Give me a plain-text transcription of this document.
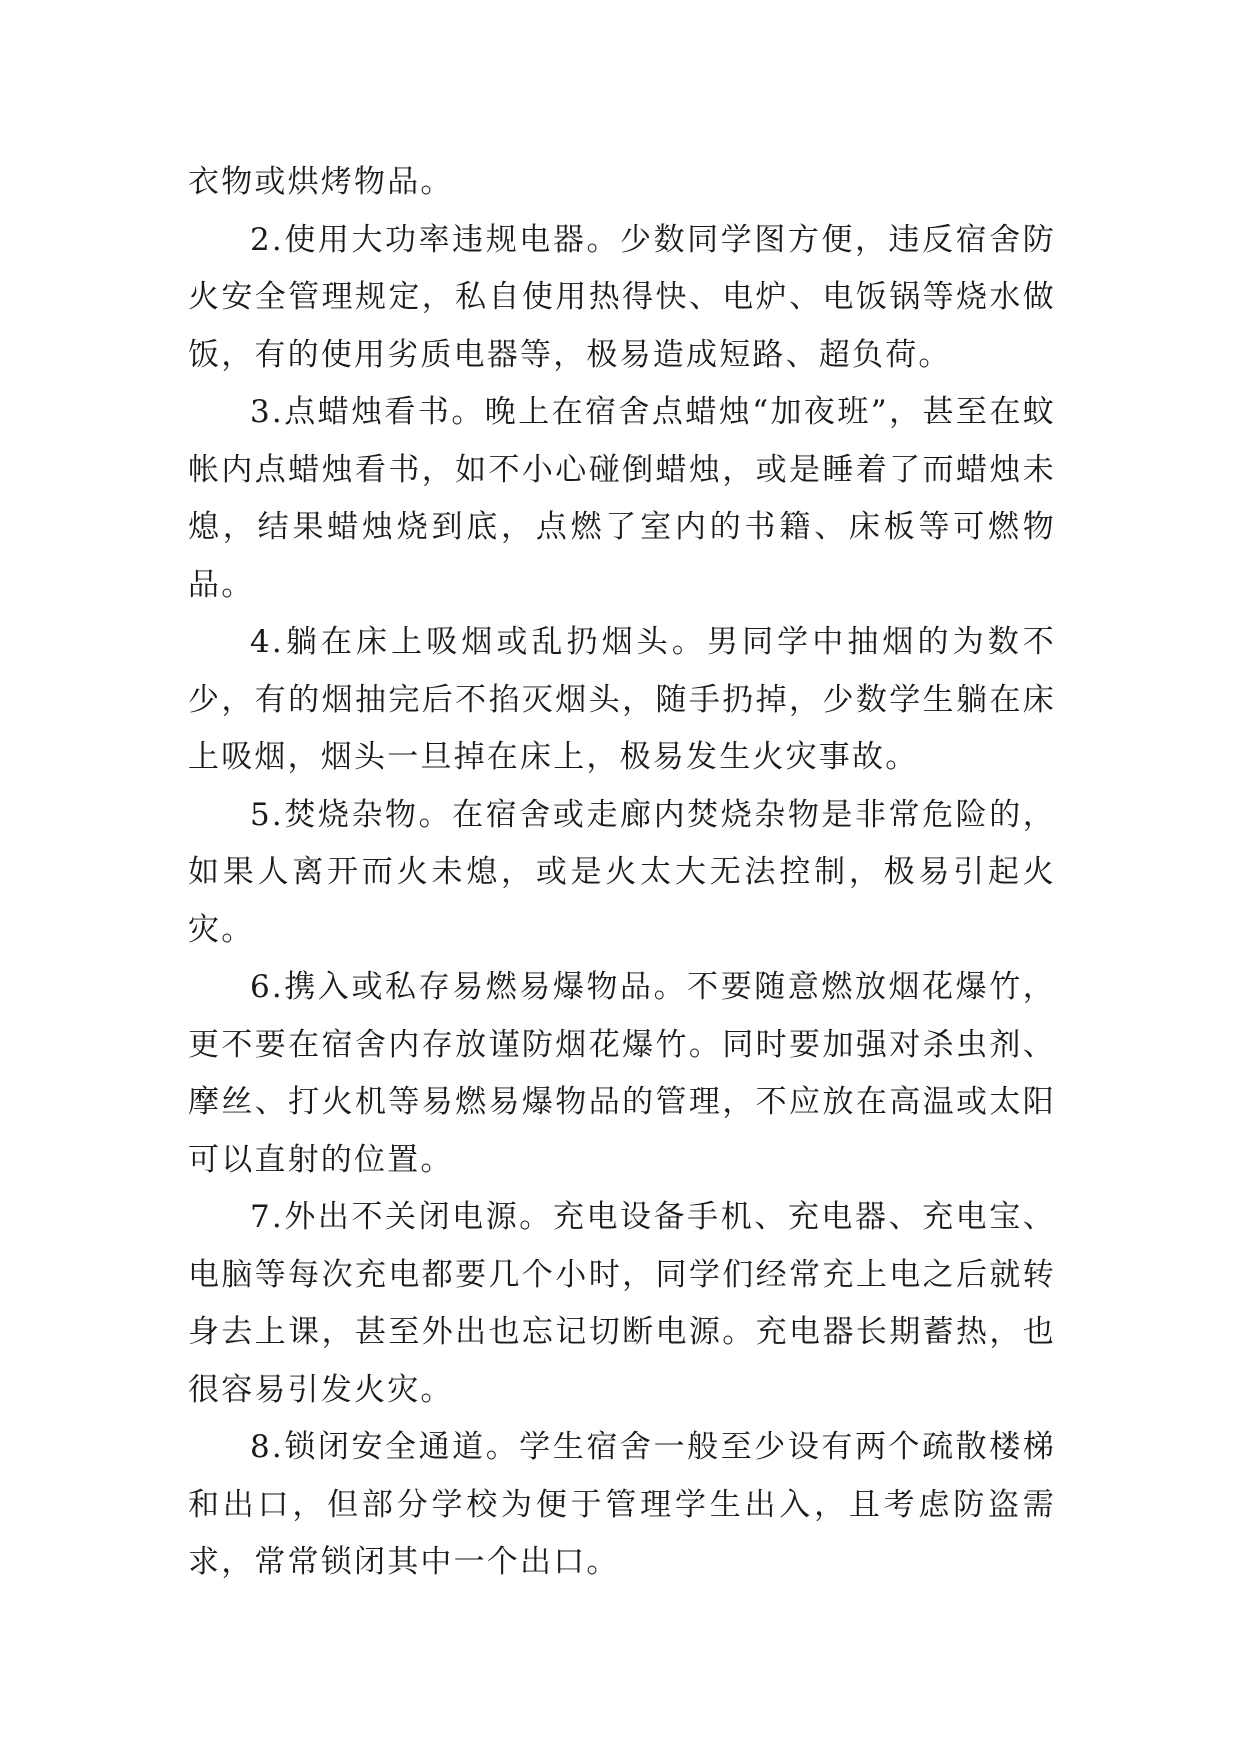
衣物或烘烤物品。

2.使用大功率违规电器。少数同学图方便，违反宿舍防火安全管理规定，私自使用热得快、电炉、电饭锅等烧水做饭，有的使用劣质电器等，极易造成短路、超负荷。

3.点蜡烛看书。晚上在宿舍点蜡烛“加夜班”，甚至在蚊帐内点蜡烛看书，如不小心碰倒蜡烛，或是睡着了而蜡烛未熄，结果蜡烛烧到底，点燃了室内的书籍、床板等可燃物品。

4.躺在床上吸烟或乱扔烟头。男同学中抽烟的为数不少，有的烟抽完后不掐灭烟头，随手扔掉，少数学生躺在床上吸烟，烟头一旦掉在床上，极易发生火灾事故。

5.焚烧杂物。在宿舍或走廊内焚烧杂物是非常危险的，如果人离开而火未熄，或是火太大无法控制，极易引起火灾。

6.携入或私存易燃易爆物品。不要随意燃放烟花爆竹，更不要在宿舍内存放谨防烟花爆竹。同时要加强对杀虫剂、摩丝、打火机等易燃易爆物品的管理，不应放在高温或太阳可以直射的位置。

7.外出不关闭电源。充电设备手机、充电器、充电宝、电脑等每次充电都要几个小时，同学们经常充上电之后就转身去上课，甚至外出也忘记切断电源。充电器长期蓄热，也很容易引发火灾。

8.锁闭安全通道。学生宿舍一般至少设有两个疏散楼梯和出口，但部分学校为便于管理学生出入，且考虑防盗需求，常常锁闭其中一个出口。
